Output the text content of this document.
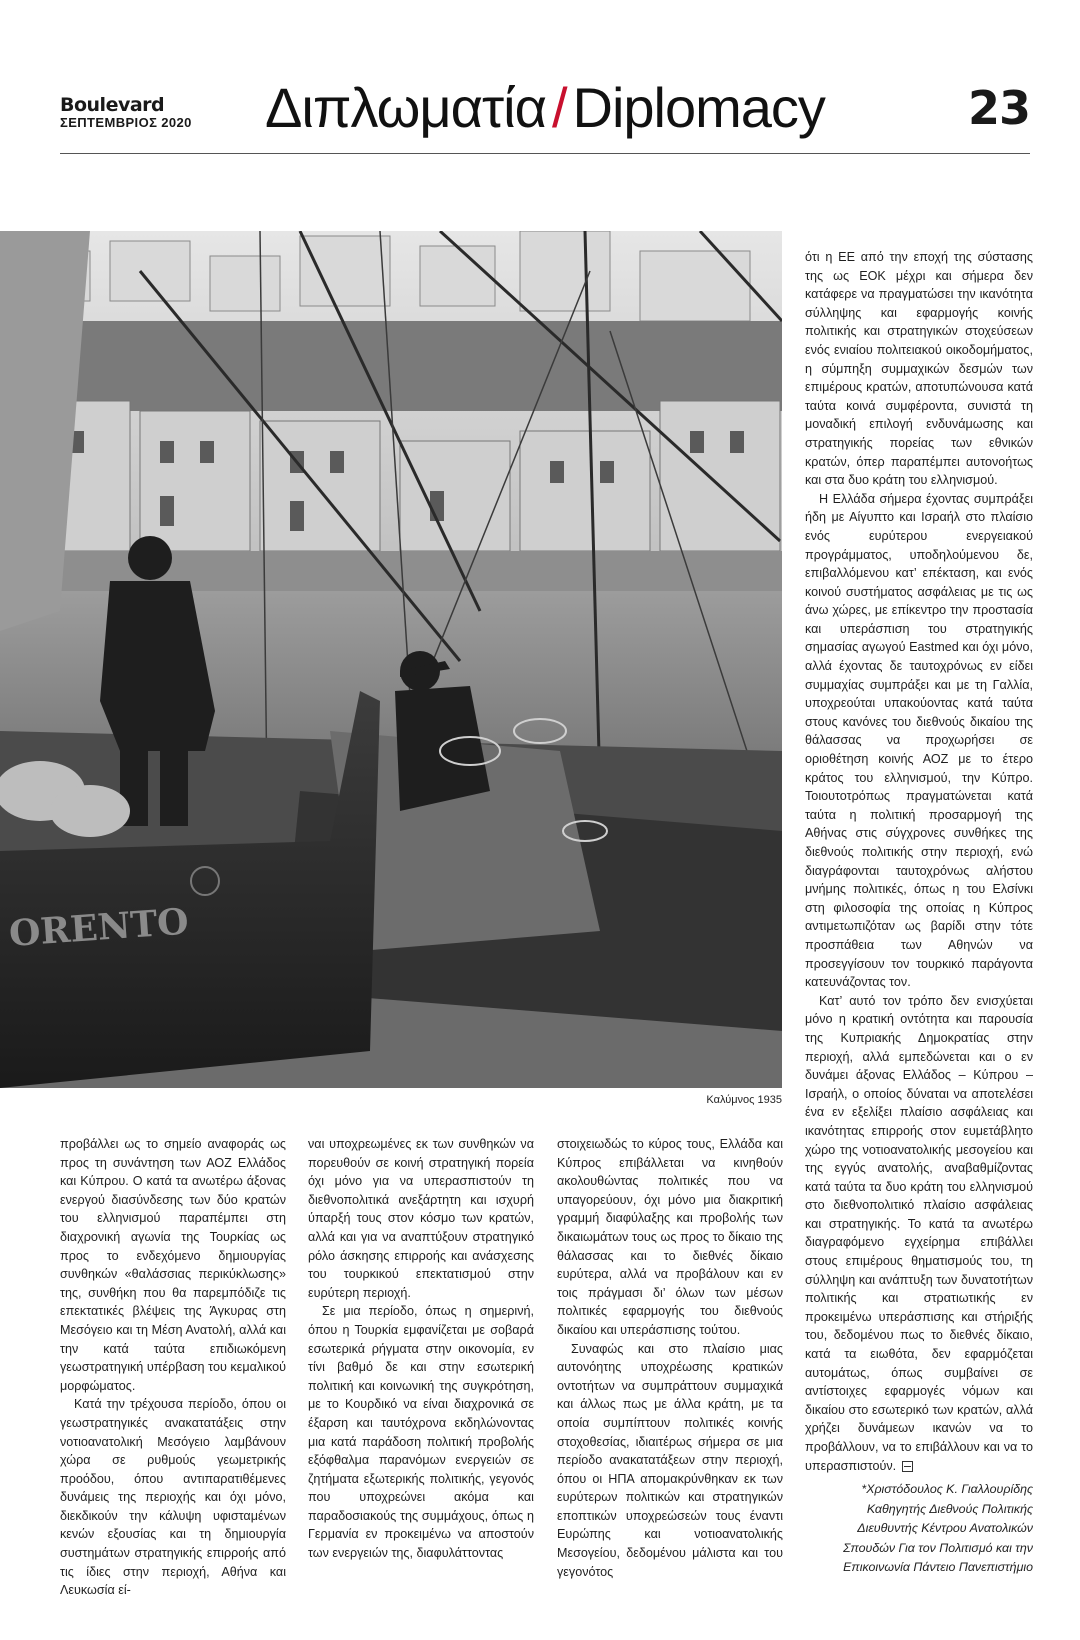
Boulevard
ΣΕΠΤΕΜΒΡΙΟΣ 2020 Διπλωματία / Diplomacy	23
ORENTO
Καλύμνος 1935

ότι η ΕΕ από την εποχή της σύστασης της ως ΕΟΚ μέχρι και σήμερα δεν κατάφερε να πραγματώσει την ικανότητα σύλληψης και εφαρμογής κοινής πολιτικής και στρατηγικών στοχεύσεων ενός ενιαίου πολιτειακού οικοδομήματος, η σύμπηξη συμμαχικών δεσμών των επιμέρους κρατών, αποτυπώνουσα κατά ταύτα κοινά συμφέροντα, συνιστά τη μοναδική επιλογή ενδυνάμωσης και στρατηγικής πορείας των εθνικών κρατών, όπερ παραπέμπει αυτονοήτως και στα δυο κράτη του ελληνισμού.

Η Ελλάδα σήμερα έχοντας συμπράξει ήδη με Αίγυπτο και Ισραήλ στο πλαίσιο ενός ευρύτερου ενεργειακού προγράμματος, υποδηλούμενου δε, επιβαλλόμενου κατ’ επέκταση, και ενός κοινού συστήματος ασφάλειας με τις ως άνω χώρες, με επίκεντρο την προστασία και υπεράσπιση του στρατηγικής σημασίας αγωγού Eastmed και όχι μόνο, αλλά έχοντας δε ταυτοχρόνως εν είδει συμμαχίας συμπράξει και με τη Γαλλία, υποχρεούται υπακούοντας κατά ταύτα στους κανόνες του διεθνούς δικαίου της θάλασσας να προχωρήσει σε οριοθέτηση κοινής ΑΟΖ με το έτερο κράτος του ελληνισμού, την Κύπρο. Τοιουτοτρόπως πραγματώνεται κατά ταύτα η πολιτική προσαρμογή της Αθήνας στις σύγχρονες συνθήκες της διεθνούς πολιτικής στην περιοχή, ενώ διαγράφονται ταυτοχρόνως αλήστου μνήμης πολιτικές, όπως η του Ελσίνκι στη φιλοσοφία της οποίας η Κύπρος αντιμετωπιζόταν ως βαρίδι στην τότε προσπάθεια των Αθηνών να προσεγγίσουν τον τουρκικό παράγοντα κατευνάζοντας τον.

Κατ’ αυτό τον τρόπο δεν ενισχύεται μόνο η κρατική οντότητα και παρουσία της Κυπριακής Δημοκρατίας στην περιοχή, αλλά εμπεδώνεται και ο εν δυνάμει άξονας Ελλάδος – Κύπρου – Ισραήλ, ο οποίος δύναται να αποτελέσει ένα εν εξελίξει πλαίσιο ασφάλειας και ικανότητας επιρροής στον ευμετάβλητο χώρο της νοτιοανατολικής μεσογείου και της εγγύς ανατολής, αναβαθμίζοντας κατά ταύτα τα δυο κράτη του ελληνισμού στο διεθνοπολιτικό πλαίσιο ασφάλειας και στρατηγικής. Το κατά τα ανωτέρω διαγραφόμενο εγχείρημα επιβάλλει στους επιμέρους θηματισμούς του, τη σύλληψη και ανάπτυξη των δυνατοτήτων πολιτικής και στρατιωτικής εν προκειμένω υπεράσπισης και στήριξής του, δεδομένου πως το διεθνές δίκαιο, κατά τα ειωθότα, δεν εφαρμόζεται αυτομάτως, όπως συμβαίνει σε αντίστοιχες εφαρμογές νόμων και δικαίου στο εσωτερικό των κρατών, αλλά χρήζει δυνάμεων ικανών να το προβάλλουν, να το επιβάλλουν και να το υπερασπιστούν.

προβάλλει ως το σημείο αναφοράς ως προς τη συνάντηση των ΑΟΖ Ελλάδος και Κύπρου. Ο κατά τα ανωτέρω άξονας ενεργού διασύνδεσης των δύο κρατών του ελληνισμού παραπέμπει στη διαχρονική αγωνία της Τουρκίας ως προς το ενδεχόμενο δημιουργίας συνθηκών «θαλάσσιας περικύκλωσης» της, συνθήκη που θα παρεμπόδιζε τις επεκτατικές βλέψεις της Άγκυρας στη Μεσόγειο και τη Μέση Ανατολή, αλλά και την κατά ταύτα επιδιωκόμενη γεωστρατηγική υπέρβαση του κεμαλικού μορφώματος.

Κατά την τρέχουσα περίοδο, όπου οι γεωστρατηγικές ανακατατάξεις στην νοτιοανατολική Μεσόγειο λαμβάνουν χώρα σε ρυθμούς γεωμετρικής προόδου, όπου αντιπαρατιθέμενες δυνάμεις της περιοχής και όχι μόνο, διεκδικούν την κάλυψη υφισταμένων κενών εξουσίας και τη δημιουργία συστημάτων στρατηγικής επιρροής από τις ίδιες στην περιοχή, Αθήνα και Λευκωσία εί-

ναι υποχρεωμένες εκ των συνθηκών να πορευθούν σε κοινή στρατηγική πορεία όχι μόνο για να υπερασπιστούν τη διεθνοπολιτικά ανεξάρτητη και ισχυρή ύπαρξή τους στον κόσμο των κρατών, αλλά και για να αναπτύξουν στρατηγικό ρόλο άσκησης επιρροής και ανάσχεσης του τουρκικού επεκτατισμού στην ευρύτερη περιοχή.

Σε μια περίοδο, όπως η σημερινή, όπου η Τουρκία εμφανίζεται με σοβαρά εσωτερικά ρήγματα στην οικονομία, εν τίνι βαθμό δε και στην εσωτερική πολιτική και κοινωνική της συγκρότηση, με το Κουρδικό να είναι διαχρονικά σε έξαρση και ταυτόχρονα εκδηλώνοντας μια κατά παράδοση πολιτική προβολής εξόφθαλμα παρανόμων ενεργειών σε ζητήματα εξωτερικής πολιτικής, γεγονός που υποχρεώνει ακόμα και παραδοσιακούς της συμμάχους, όπως η Γερμανία εν προκειμένω να αποστούν των ενεργειών της, διαφυλάττοντας

στοιχειωδώς το κύρος τους, Ελλάδα και Κύπρος επιβάλλεται να κινηθούν ακολουθώντας πολιτικές που να υπαγορεύουν, όχι μόνο μια διακριτική γραμμή διαφύλαξης και προβολής των δικαιωμάτων τους ως προς το δίκαιο της θάλασσας και το διεθνές δίκαιο ευρύτερα, αλλά να προβάλουν και εν τοις πράγμασι δι’ όλων των μέσων πολιτικές εφαρμογής του διεθνούς δικαίου και υπεράσπισης τούτου.

Συναφώς και στο πλαίσιο μιας αυτονόητης υποχρέωσης κρατικών οντοτήτων να συμπράττουν συμμαχικά και άλλως πως με άλλα κράτη, με τα οποία συμπίπτουν πολιτικές κοινής στοχοθεσίας, ιδιαιτέρως σήμερα σε μια περίοδο ανακατατάξεων στην περιοχή, όπου οι ΗΠΑ απομακρύνθηκαν εκ των ευρύτερων πολιτικών και στρατηγικών εποπτικών υποχρεώσεών τους έναντι Ευρώπης και νοτιοανατολικής Μεσογείου, δεδομένου μάλιστα και του γεγονότος

*Χριστόδουλος Κ. Γιαλλουρίδης
Καθηγητής Διεθνούς Πολιτικής
Διευθυντής Κέντρου Ανατολικών Σπουδών Για τον Πολιτισμό και την Επικοινωνία Πάντειο Πανεπιστήμιο
